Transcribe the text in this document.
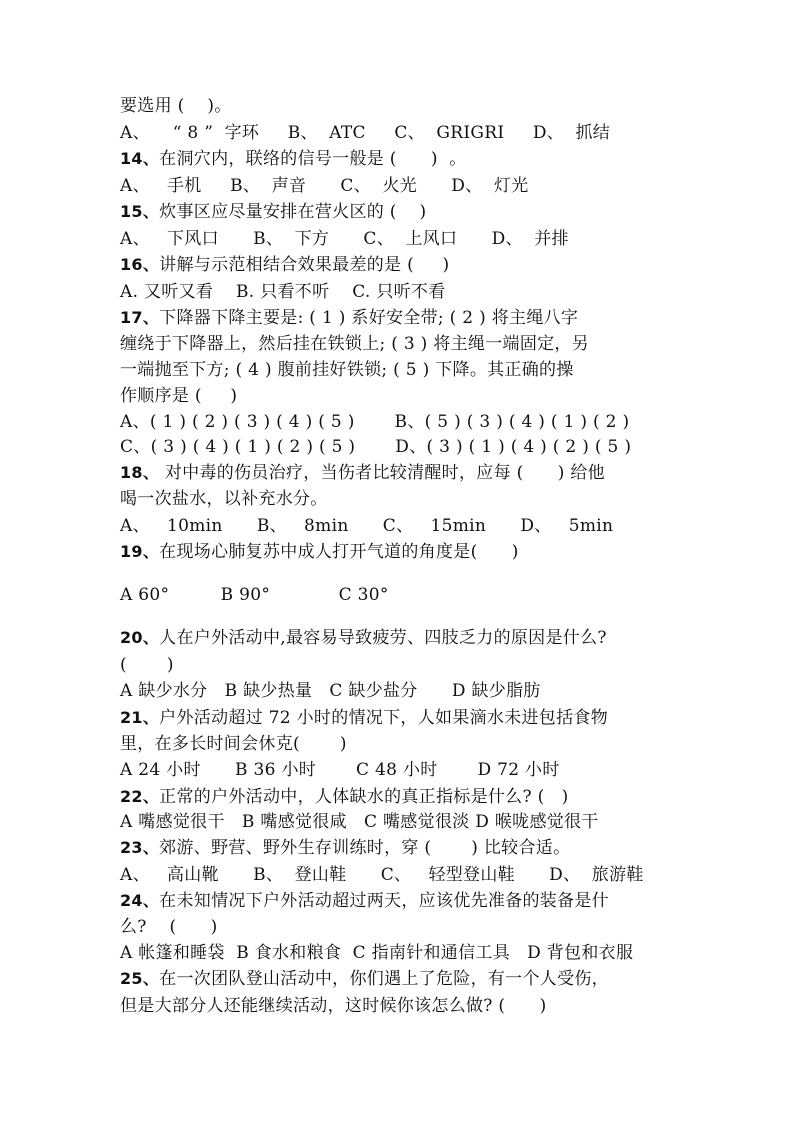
要选用 (    )。
A、    “ 8 ”  字环     B、  ATC     C、  GRIGRI     D、  抓结
14、在洞穴内，联络的信号一般是 (      )  。
A、   手机     B、  声音      C、  火光      D、  灯光
15、炊事区应尽量安排在营火区的 (    )
A、   下风口      B、  下方      C、  上风口      D、  并排
16、讲解与示范相结合效果最差的是 (     )
A. 又听又看    B. 只看不听    C. 只听不看
17、下降器下降主要是: ( 1 ) 系好安全带; ( 2 ) 将主绳八字
缠绕于下降器上，然后挂在铁锁上; ( 3 ) 将主绳一端固定，另
一端抛至下方; ( 4 ) 腹前挂好铁锁; ( 5 ) 下降。其正确的操
作顺序是 (     )
A、( 1 ) ( 2 ) ( 3 ) ( 4 ) ( 5 )       B、( 5 ) ( 3 ) ( 4 ) ( 1 ) ( 2 )
C、( 3 ) ( 4 ) ( 1 ) ( 2 ) ( 5 )       D、( 3 ) ( 1 ) ( 4 ) ( 2 ) ( 5 )
18、 对中毒的伤员治疗，当伤者比较清醒时，应每 (      ) 给他
喝一次盐水，以补充水分。
A、   10min      B、   8min      C、   15min      D、   5min
19、在现场心肺复苏中成人打开气道的角度是(      )
A 60°         B 90°            C 30°
20、人在户外活动中,最容易导致疲劳、四肢乏力的原因是什么?
(       )
A 缺少水分   B 缺少热量   C 缺少盐分      D 缺少脂肪
21、户外活动超过 72 小时的情况下，人如果滴水未进包括食物
里，在多长时间会休克(       )
A 24 小时      B 36 小时       C 48 小时       D 72 小时
22、正常的户外活动中，人体缺水的真正指标是什么? (   )
A 嘴感觉很干   B 嘴感觉很咸   C 嘴感觉很淡 D 喉咙感觉很干
23、郊游、野营、野外生存训练时，穿 (       ) 比较合适。
A、   高山靴      B、  登山鞋      C、   轻型登山鞋      D、  旅游鞋
24、在未知情况下户外活动超过两天，应该优先准备的装备是什
么?    (      )
A 帐篷和睡袋  B 食水和粮食  C 指南针和通信工具   D 背包和衣服
25、在一次团队登山活动中，你们遇上了危险，有一个人受伤，
但是大部分人还能继续活动，这时候你该怎么做? (      )
